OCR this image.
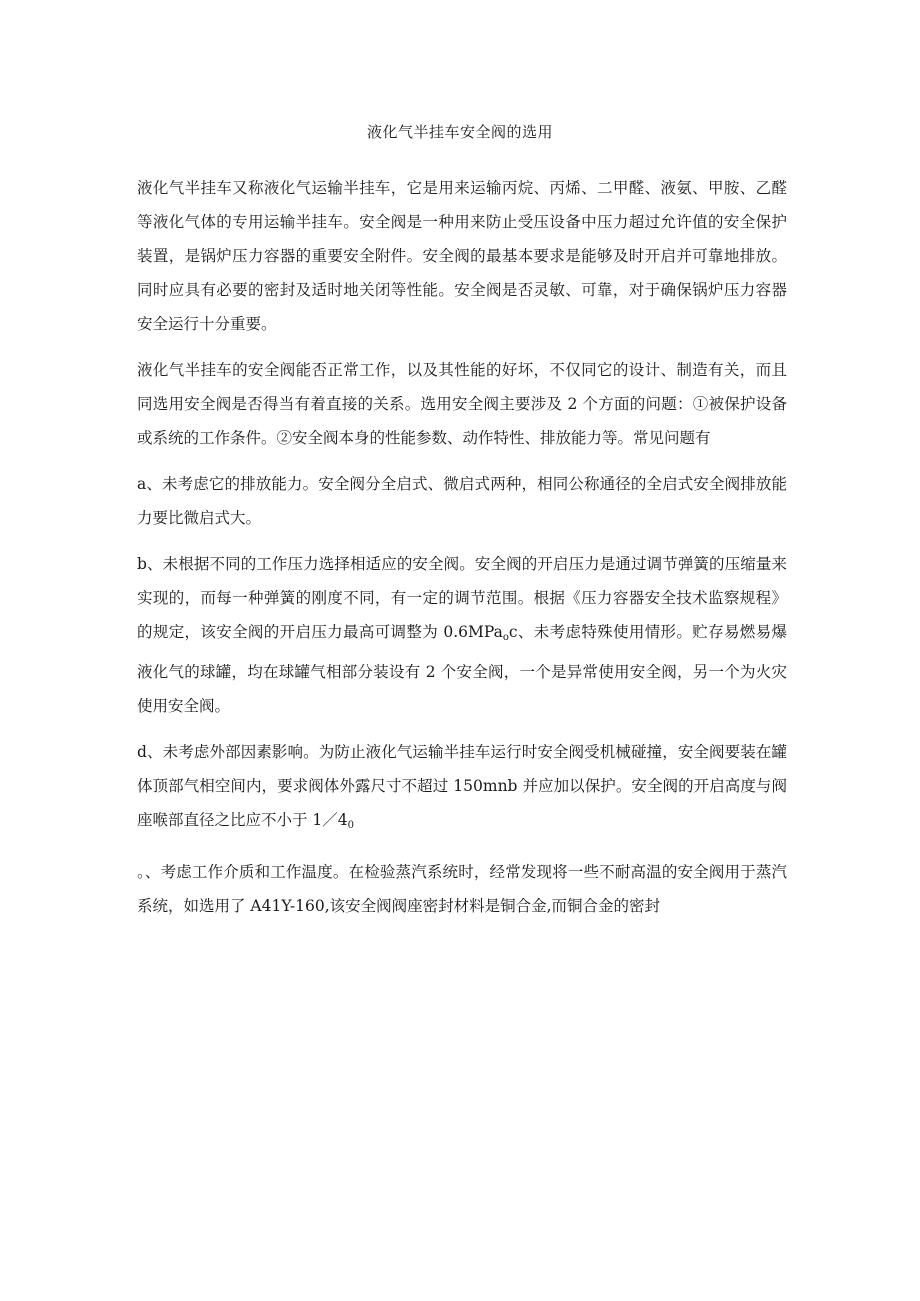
液化气半挂车安全阀的选用

液化气半挂车又称液化气运输半挂车，它是用来运输丙烷、丙烯、二甲醛、液氨、甲胺、乙醛等液化气体的专用运输半挂车。安全阀是一种用来防止受压设备中压力超过允许值的安全保护装置，是锅炉压力容器的重要安全附件。安全阀的最基本要求是能够及时开启并可靠地排放。同时应具有必要的密封及适时地关闭等性能。安全阀是否灵敏、可靠，对于确保锅炉压力容器安全运行十分重要。

液化气半挂车的安全阀能否正常工作，以及其性能的好坏，不仅同它的设计、制造有关，而且同选用安全阀是否得当有着直接的关系。选用安全阀主要涉及 2 个方面的问题：①被保护设备或系统的工作条件。②安全阀本身的性能参数、动作特性、排放能力等。常见问题有

a、未考虑它的排放能力。安全阀分全启式、微启式两种，相同公称通径的全启式安全阀排放能力要比微启式大。

b、未根据不同的工作压力选择相适应的安全阀。安全阀的开启压力是通过调节弹簧的压缩量来实现的，而每一种弹簧的刚度不同，有一定的调节范围。根据《压力容器安全技术监察规程》的规定，该安全阀的开启压力最高可调整为 0.6MPaoc、未考虑特殊使用情形。贮存易燃易爆液化气的球罐，均在球罐气相部分装设有 2 个安全阀，一个是异常使用安全阀，另一个为火灾使用安全阀。

d、未考虑外部因素影响。为防止液化气运输半挂车运行时安全阀受机械碰撞，安全阀要装在罐体顶部气相空间内，要求阀体外露尺寸不超过 150mnb 并应加以保护。安全阀的开启高度与阀座喉部直径之比应不小于 1／40

。、考虑工作介质和工作温度。在检验蒸汽系统时，经常发现将一些不耐高温的安全阀用于蒸汽系统，如选用了 A41Y-160,该安全阀阀座密封材料是铜合金,而铜合金的密封
